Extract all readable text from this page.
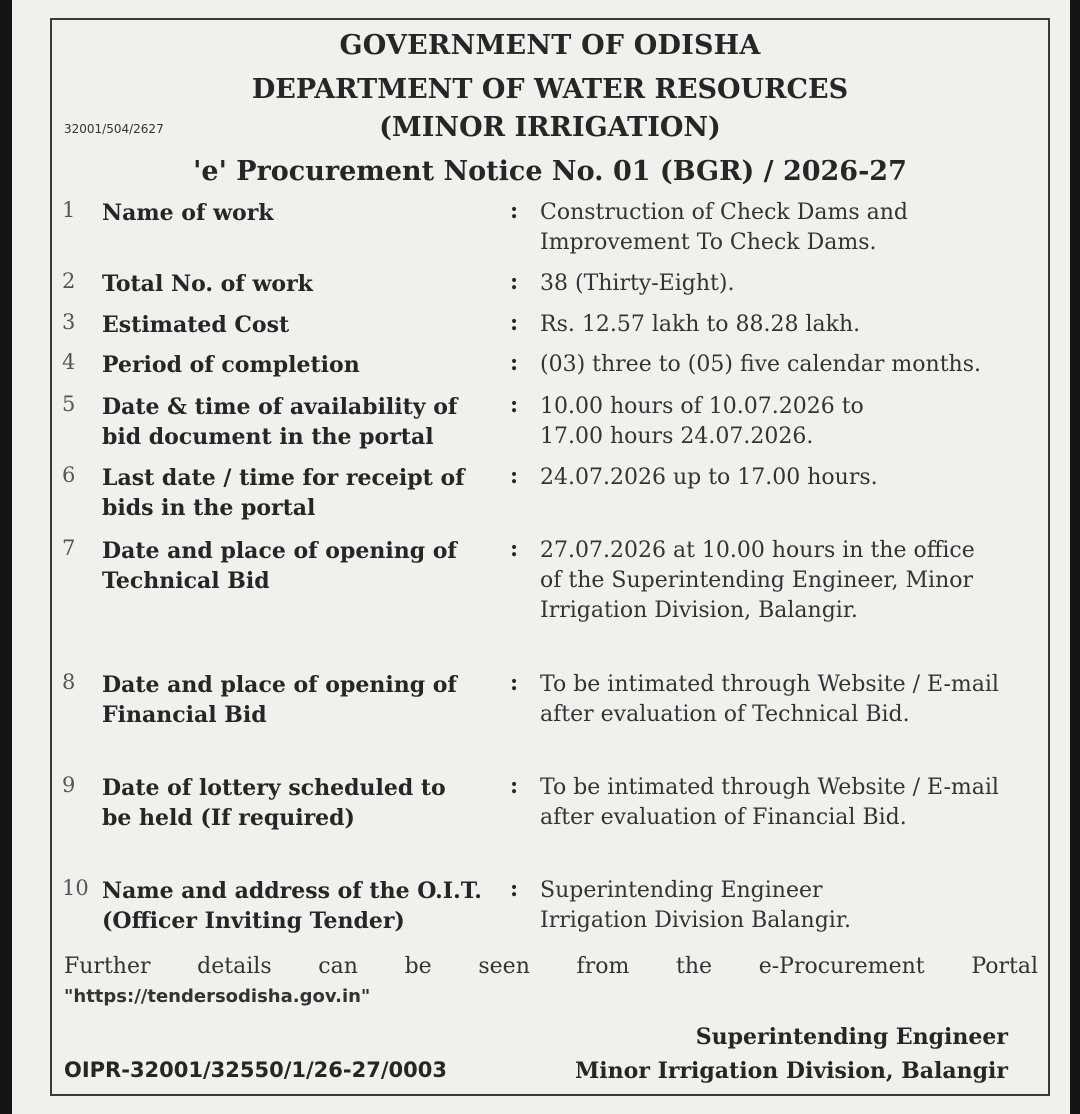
GOVERNMENT OF ODISHA
DEPARTMENT OF WATER RESOURCES
32001/504/2627	(MINOR IRRIGATION)
'e' Procurement Notice No. 01 (BGR) / 2026-27
1	Name of work	: Construction of Check Dams and Improvement To Check Dams.
2	Total No. of work	: 38 (Thirty-Eight).
3	Estimated Cost	: Rs. 12.57 lakh to 88.28 lakh.
4	Period of completion	: (03) three to (05) five calendar months.
5	Date & time of availability of bid document in the portal
: 10.00 hours of 10.07.2026 to 17.00 hours 24.07.2026.
6	Last date / time for receipt of bids in the portal
: 24.07.2026 up to 17.00 hours.
7	Date and place of opening of Technical Bid
: 27.07.2026 at 10.00 hours in the office of the Superintending Engineer, Minor Irrigation Division, Balangir.
8	Date and place of opening of Financial Bid
: To be intimated through Website / E-mail after evaluation of Technical Bid.
9	Date of lottery scheduled to be held (If required)
: To be intimated through Website / E-mail after evaluation of Financial Bid.
10 Name and address of the O.I.T. (Officer Inviting Tender)
: Superintending Engineer Irrigation Division Balangir.
Further details can be seen from the e-Procurement Portal
"https://tendersodisha.gov.in"
Superintending Engineer
OIPR-32001/32550/1/26-27/0003	Minor Irrigation Division, Balangir
